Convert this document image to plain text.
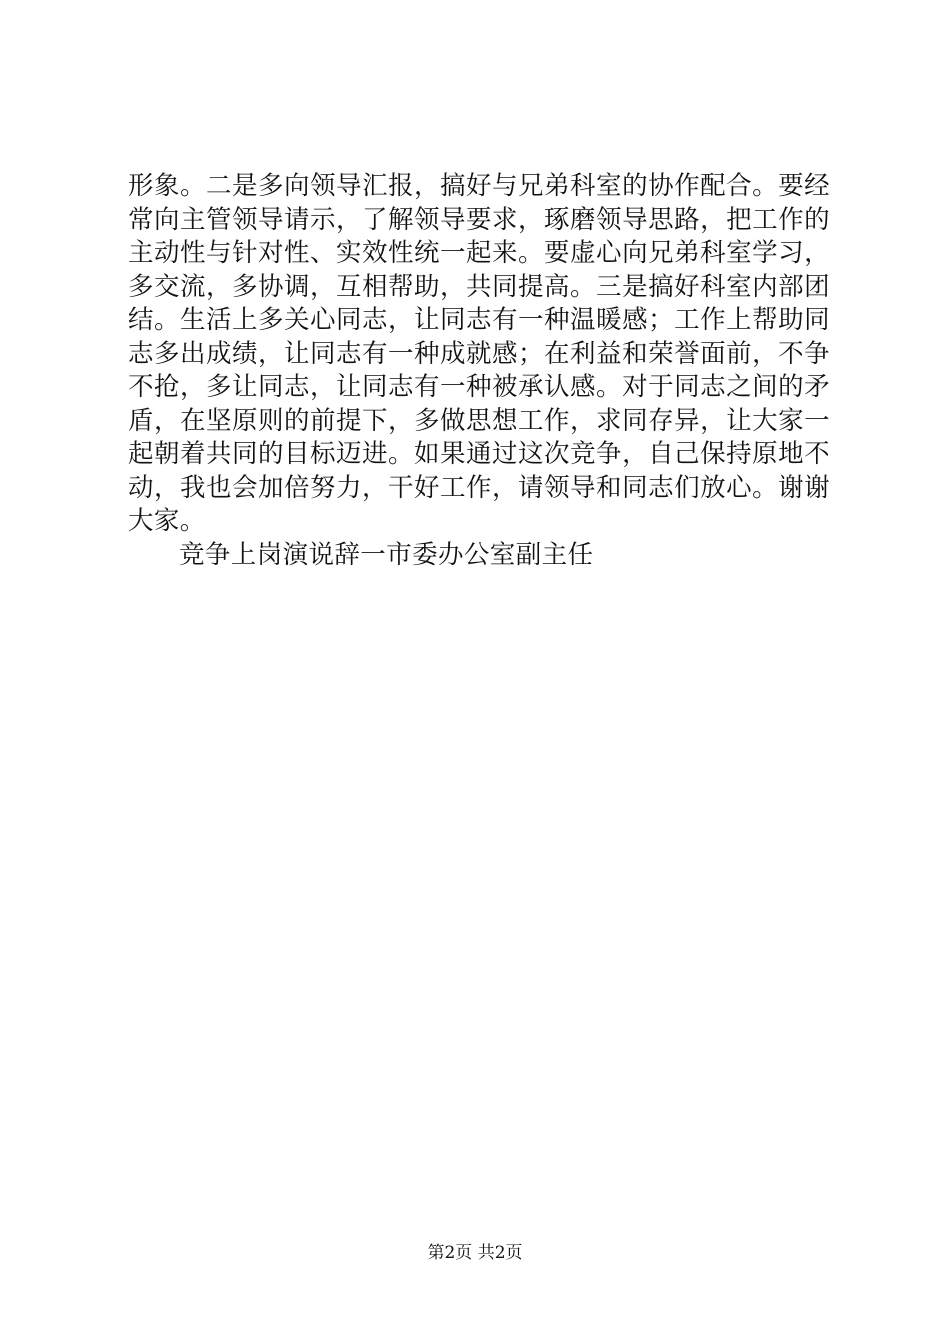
形象。二是多向领导汇报，搞好与兄弟科室的协作配合。要经
常向主管领导请示，了解领导要求，琢磨领导思路，把工作的
主动性与针对性、实效性统一起来。要虚心向兄弟科室学习，
多交流，多协调，互相帮助，共同提高。三是搞好科室内部团
结。生活上多关心同志，让同志有一种温暖感；工作上帮助同
志多出成绩，让同志有一种成就感；在利益和荣誉面前，不争
不抢，多让同志，让同志有一种被承认感。对于同志之间的矛
盾，在坚原则的前提下，多做思想工作，求同存异，让大家一
起朝着共同的目标迈进。如果通过这次竞争，自己保持原地不
动，我也会加倍努力，干好工作，请领导和同志们放心。谢谢
大家。
竞争上岗演说辞一市委办公室副主任
第2页 共2页
